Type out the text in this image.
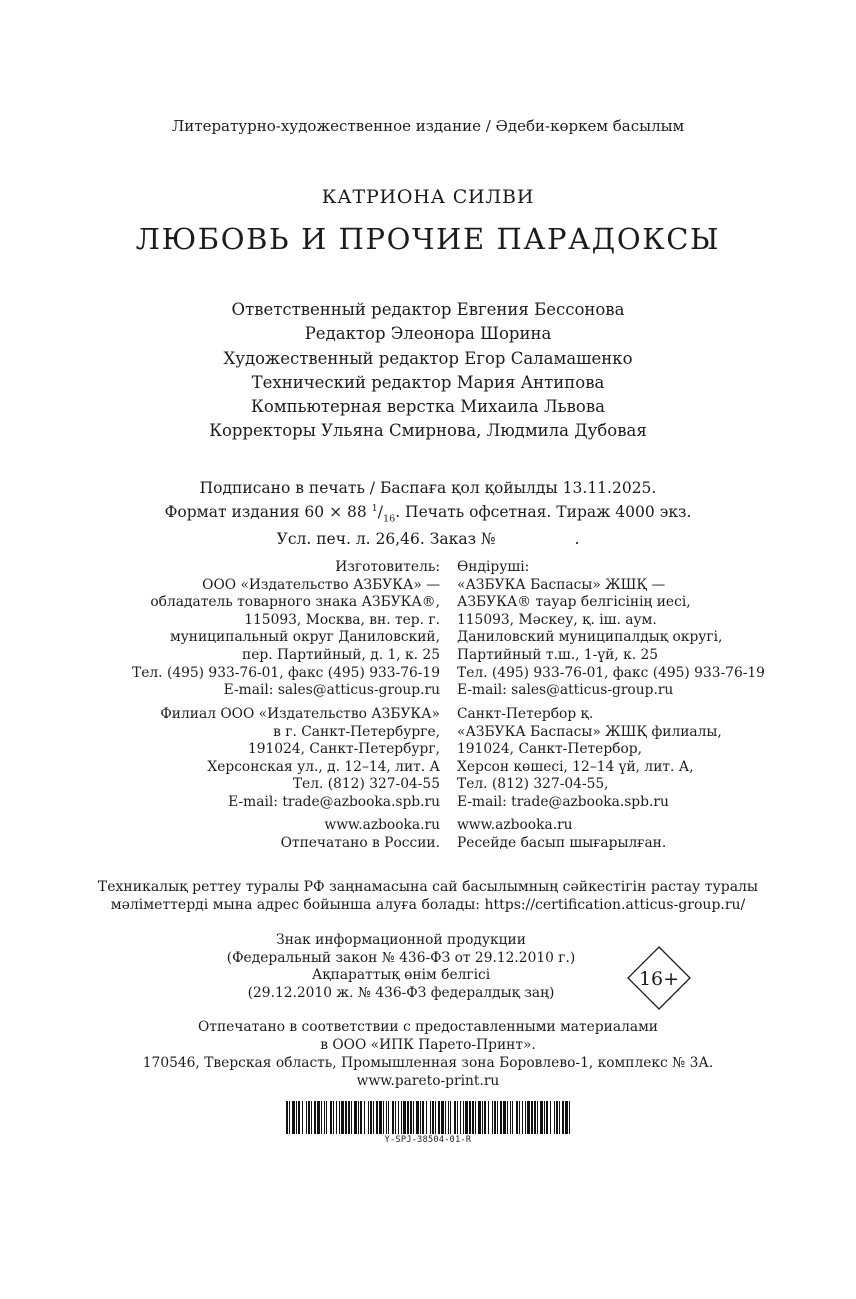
Литературно-художественное издание / Әдеби-көркем басылым
КАТРИОНА СИЛВИ
ЛЮБОВЬ И ПРОЧИЕ ПАРАДОКСЫ
Ответственный редактор Евгения Бессонова
Редактор Элеонора Шорина
Художественный редактор Егор Саламашенко
Технический редактор Мария Антипова
Компьютерная верстка Михаила Львова
Корректоры Ульяна Смирнова, Людмила Дубовая
Подписано в печать / Баспаға қол қойылды 13.11.2025.
Формат издания 60 × 88 $^1/_{16}$. Печать офсетная. Тираж 4000 экз.
Усл. печ. л. 26,46. Заказ №                .
Изготовитель:
ООО «Издательство АЗБУКА» —
обладатель товарного знака АЗБУКА®,
115093, Москва, вн. тер. г.
муниципальный округ Даниловский,
пер. Партийный, д. 1, к. 25
Тел. (495) 933-76-01, факс (495) 933-76-19
E-mail: sales@atticus-group.ru
Өндіруші:
«АЗБУКА Баспасы» ЖШҚ —
АЗБУКА® тауар белгісінің иесі,
115093, Мәскеу, қ. іш. аум.
Даниловский муниципалдық округі,
Партийный т.ш., 1-үй, к. 25
Тел. (495) 933-76-01, факс (495) 933-76-19
E-mail: sales@atticus-group.ru
Филиал ООО «Издательство АЗБУКА»
в г. Санкт-Петербурге,
191024, Санкт-Петербург,
Херсонская ул., д. 12–14, лит. А
Тел. (812) 327-04-55
E-mail: trade@azbooka.spb.ru
Санкт-Петербор қ.
«АЗБУКА Баспасы» ЖШҚ филиалы,
191024, Санкт-Петербор,
Херсон көшесі, 12–14 үй, лит. А,
Тел. (812) 327-04-55,
E-mail: trade@azbooka.spb.ru
www.azbooka.ru
Отпечатано в России.
www.azbooka.ru
Ресейде басып шығарылған.
Техникалық реттеу туралы РФ заңнамасына сай басылымның сәйкестігін растау туралы
мәліметтерді мына адрес бойынша алуға болады: https://certification.atticus-group.ru/
Знак информационной продукции
(Федеральный закон № 436-ФЗ от 29.12.2010 г.)
Ақпараттық өнім белгісі
(29.12.2010 ж. № 436-ФЗ федералдық заң)
16+
Отпечатано в соответствии с предоставленными материалами
в ООО «ИПК Парето-Принт».
170546, Тверская область, Промышленная зона Боровлево-1, комплекс № 3А.
www.pareto-print.ru
Y-SPJ-38504-01-R
